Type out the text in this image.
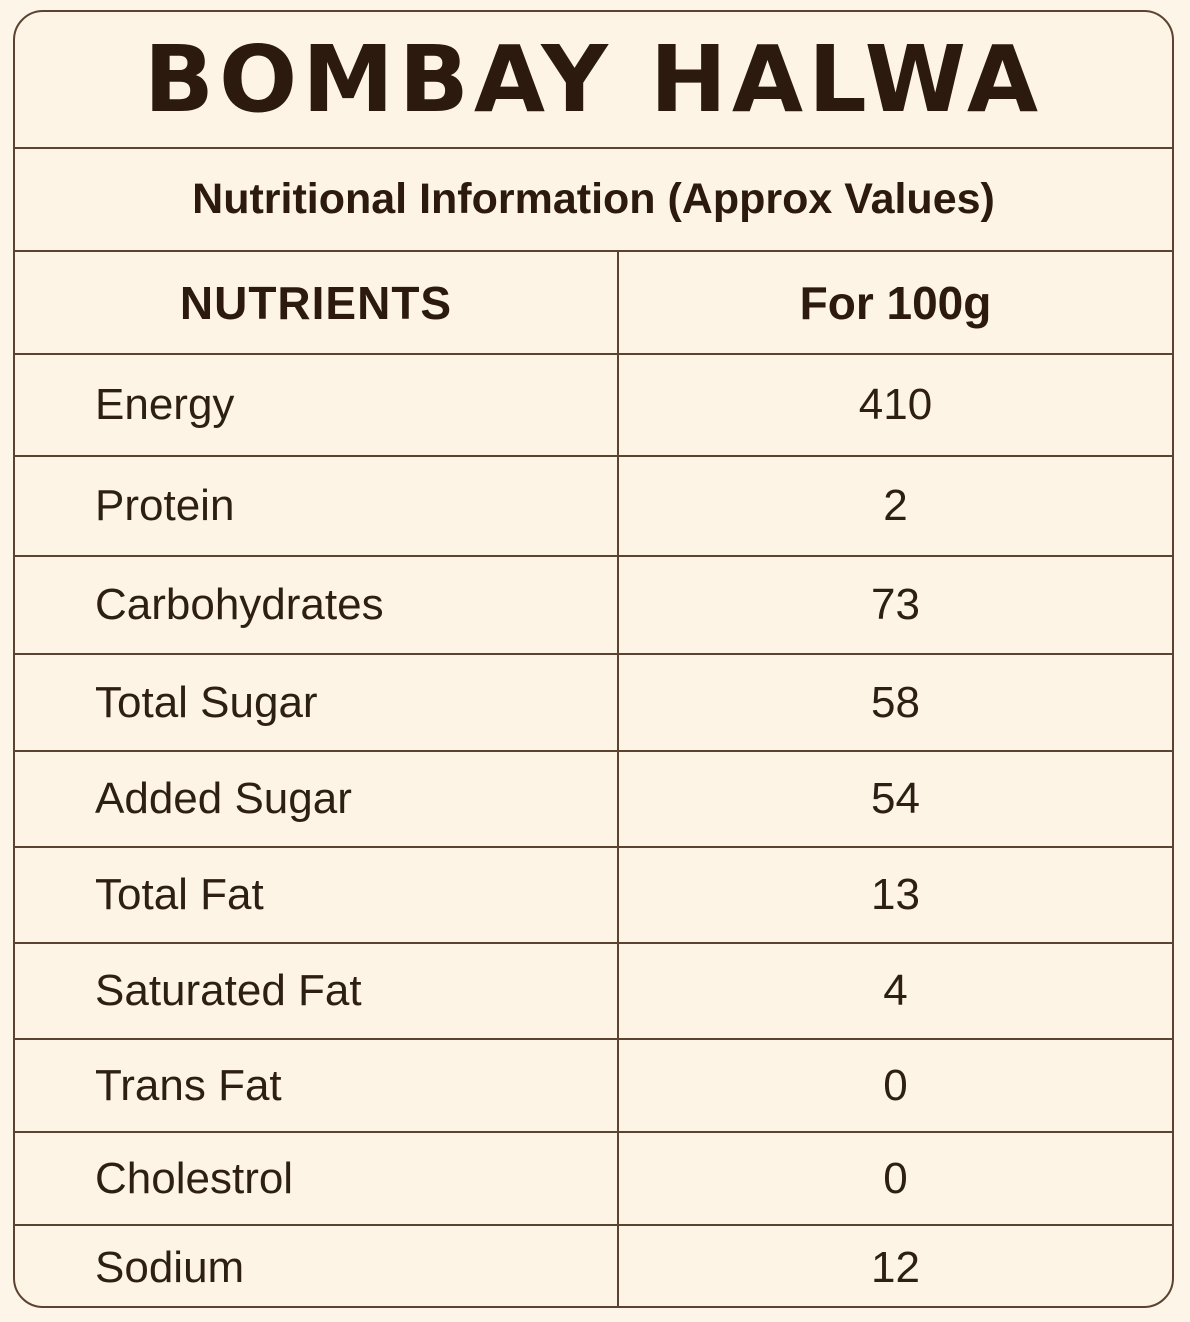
BOMBAY HALWA
Nutritional Information (Approx Values)
NUTRIENTS	For 100g
Energy	410
Protein	2
Carbohydrates	73
Total Sugar	58
Added Sugar	54
Total Fat	13
Saturated Fat	4
Trans Fat	0
Cholestrol	0
Sodium	12
